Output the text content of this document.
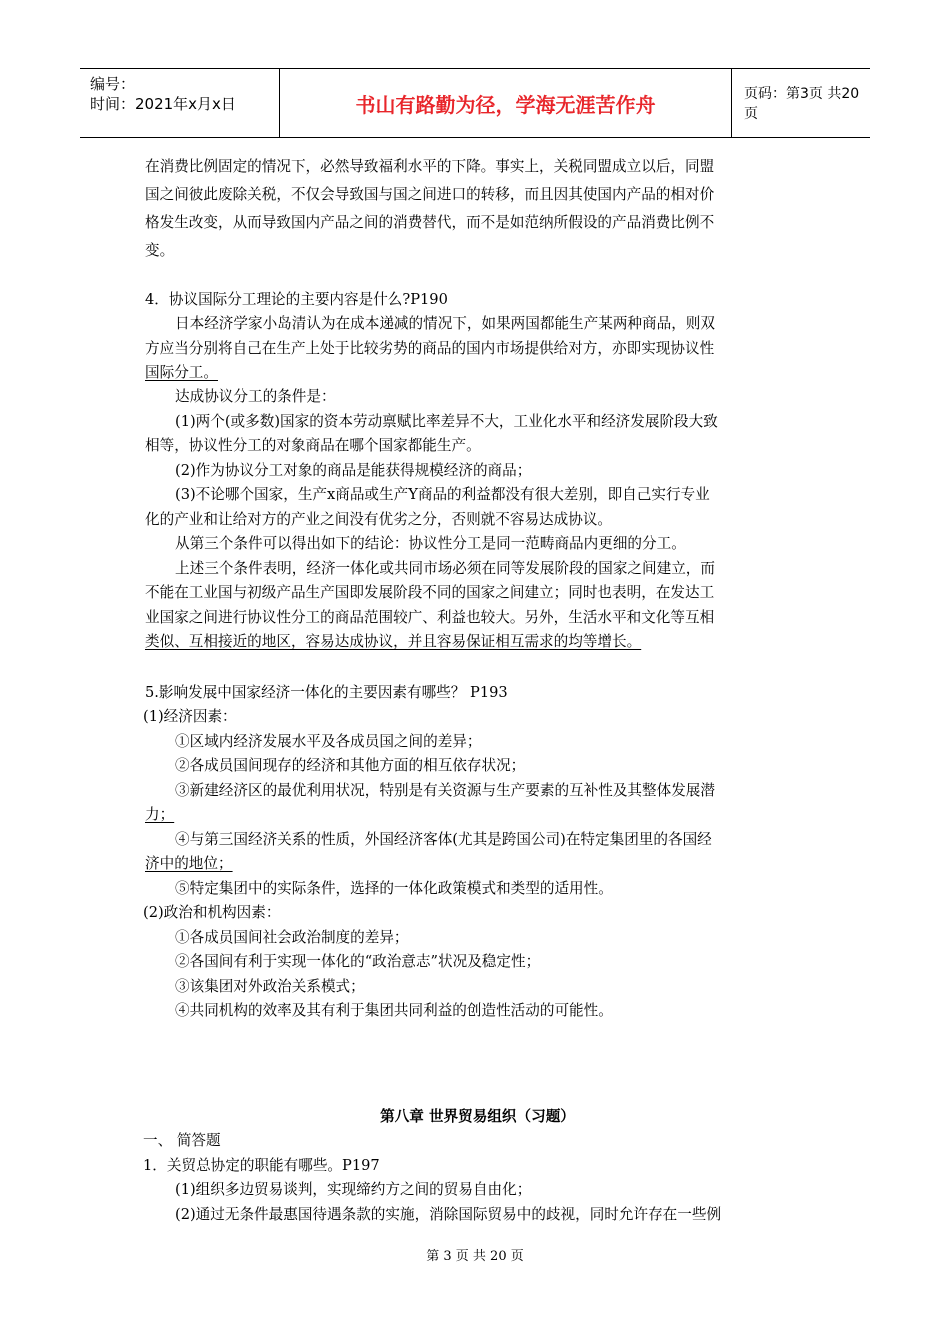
编号：
时间：2021年x月x日	书山有路勤为径，学海无涯苦作舟	页码：第3页 共20页
在消费比例固定的情况下，必然导致福利水平的下降。事实上，关税同盟成立以后，同盟
国之间彼此废除关税，不仅会导致国与国之间进口的转移，而且因其使国内产品的相对价
格发生改变，从而导致国内产品之间的消费替代，而不是如范纳所假设的产品消费比例不
变。
4．协议国际分工理论的主要内容是什么?P190
日本经济学家小岛清认为在成本递减的情况下，如果两国都能生产某两种商品，则双
方应当分别将自己在生产上处于比较劣势的商品的国内市场提供给对方，亦即实现协议性
国际分工。
达成协议分工的条件是：
(1)两个(或多数)国家的资本劳动禀赋比率差异不大，工业化水平和经济发展阶段大致
相等，协议性分工的对象商品在哪个国家都能生产。
(2)作为协议分工对象的商品是能获得规模经济的商品；
(3)不论哪个国家，生产x商品或生产Y商品的利益都没有很大差别，即自己实行专业
化的产业和让给对方的产业之间没有优劣之分，否则就不容易达成协议。
从第三个条件可以得出如下的结论：协议性分工是同一范畴商品内更细的分工。
上述三个条件表明，经济一体化或共同市场必须在同等发展阶段的国家之间建立，而
不能在工业国与初级产品生产国即发展阶段不同的国家之间建立；同时也表明，在发达工
业国家之间进行协议性分工的商品范围较广、利益也较大。另外，生活水平和文化等互相
类似、互相接近的地区，容易达成协议，并且容易保证相互需求的均等增长。
5.影响发展中国家经济一体化的主要因素有哪些？ P193
(1)经济因素：
①区域内经济发展水平及各成员国之间的差异；
②各成员国间现存的经济和其他方面的相互依存状况；
③新建经济区的最优利用状况，特别是有关资源与生产要素的互补性及其整体发展潜
力；
④与第三国经济关系的性质，外国经济客体(尤其是跨国公司)在特定集团里的各国经
济中的地位；
⑤特定集团中的实际条件，选择的一体化政策模式和类型的适用性。
(2)政治和机构因素：
①各成员国间社会政治制度的差异；
②各国间有利于实现一体化的“政治意志”状况及稳定性；
③该集团对外政治关系模式；
④共同机构的效率及其有利于集团共同利益的创造性活动的可能性。
第八章 世界贸易组织（习题）
一、 简答题
1．关贸总协定的职能有哪些。P197
(1)组织多边贸易谈判，实现缔约方之间的贸易自由化；
(2)通过无条件最惠国待遇条款的实施，消除国际贸易中的歧视，同时允许存在一些例
第 3 页 共 20 页
